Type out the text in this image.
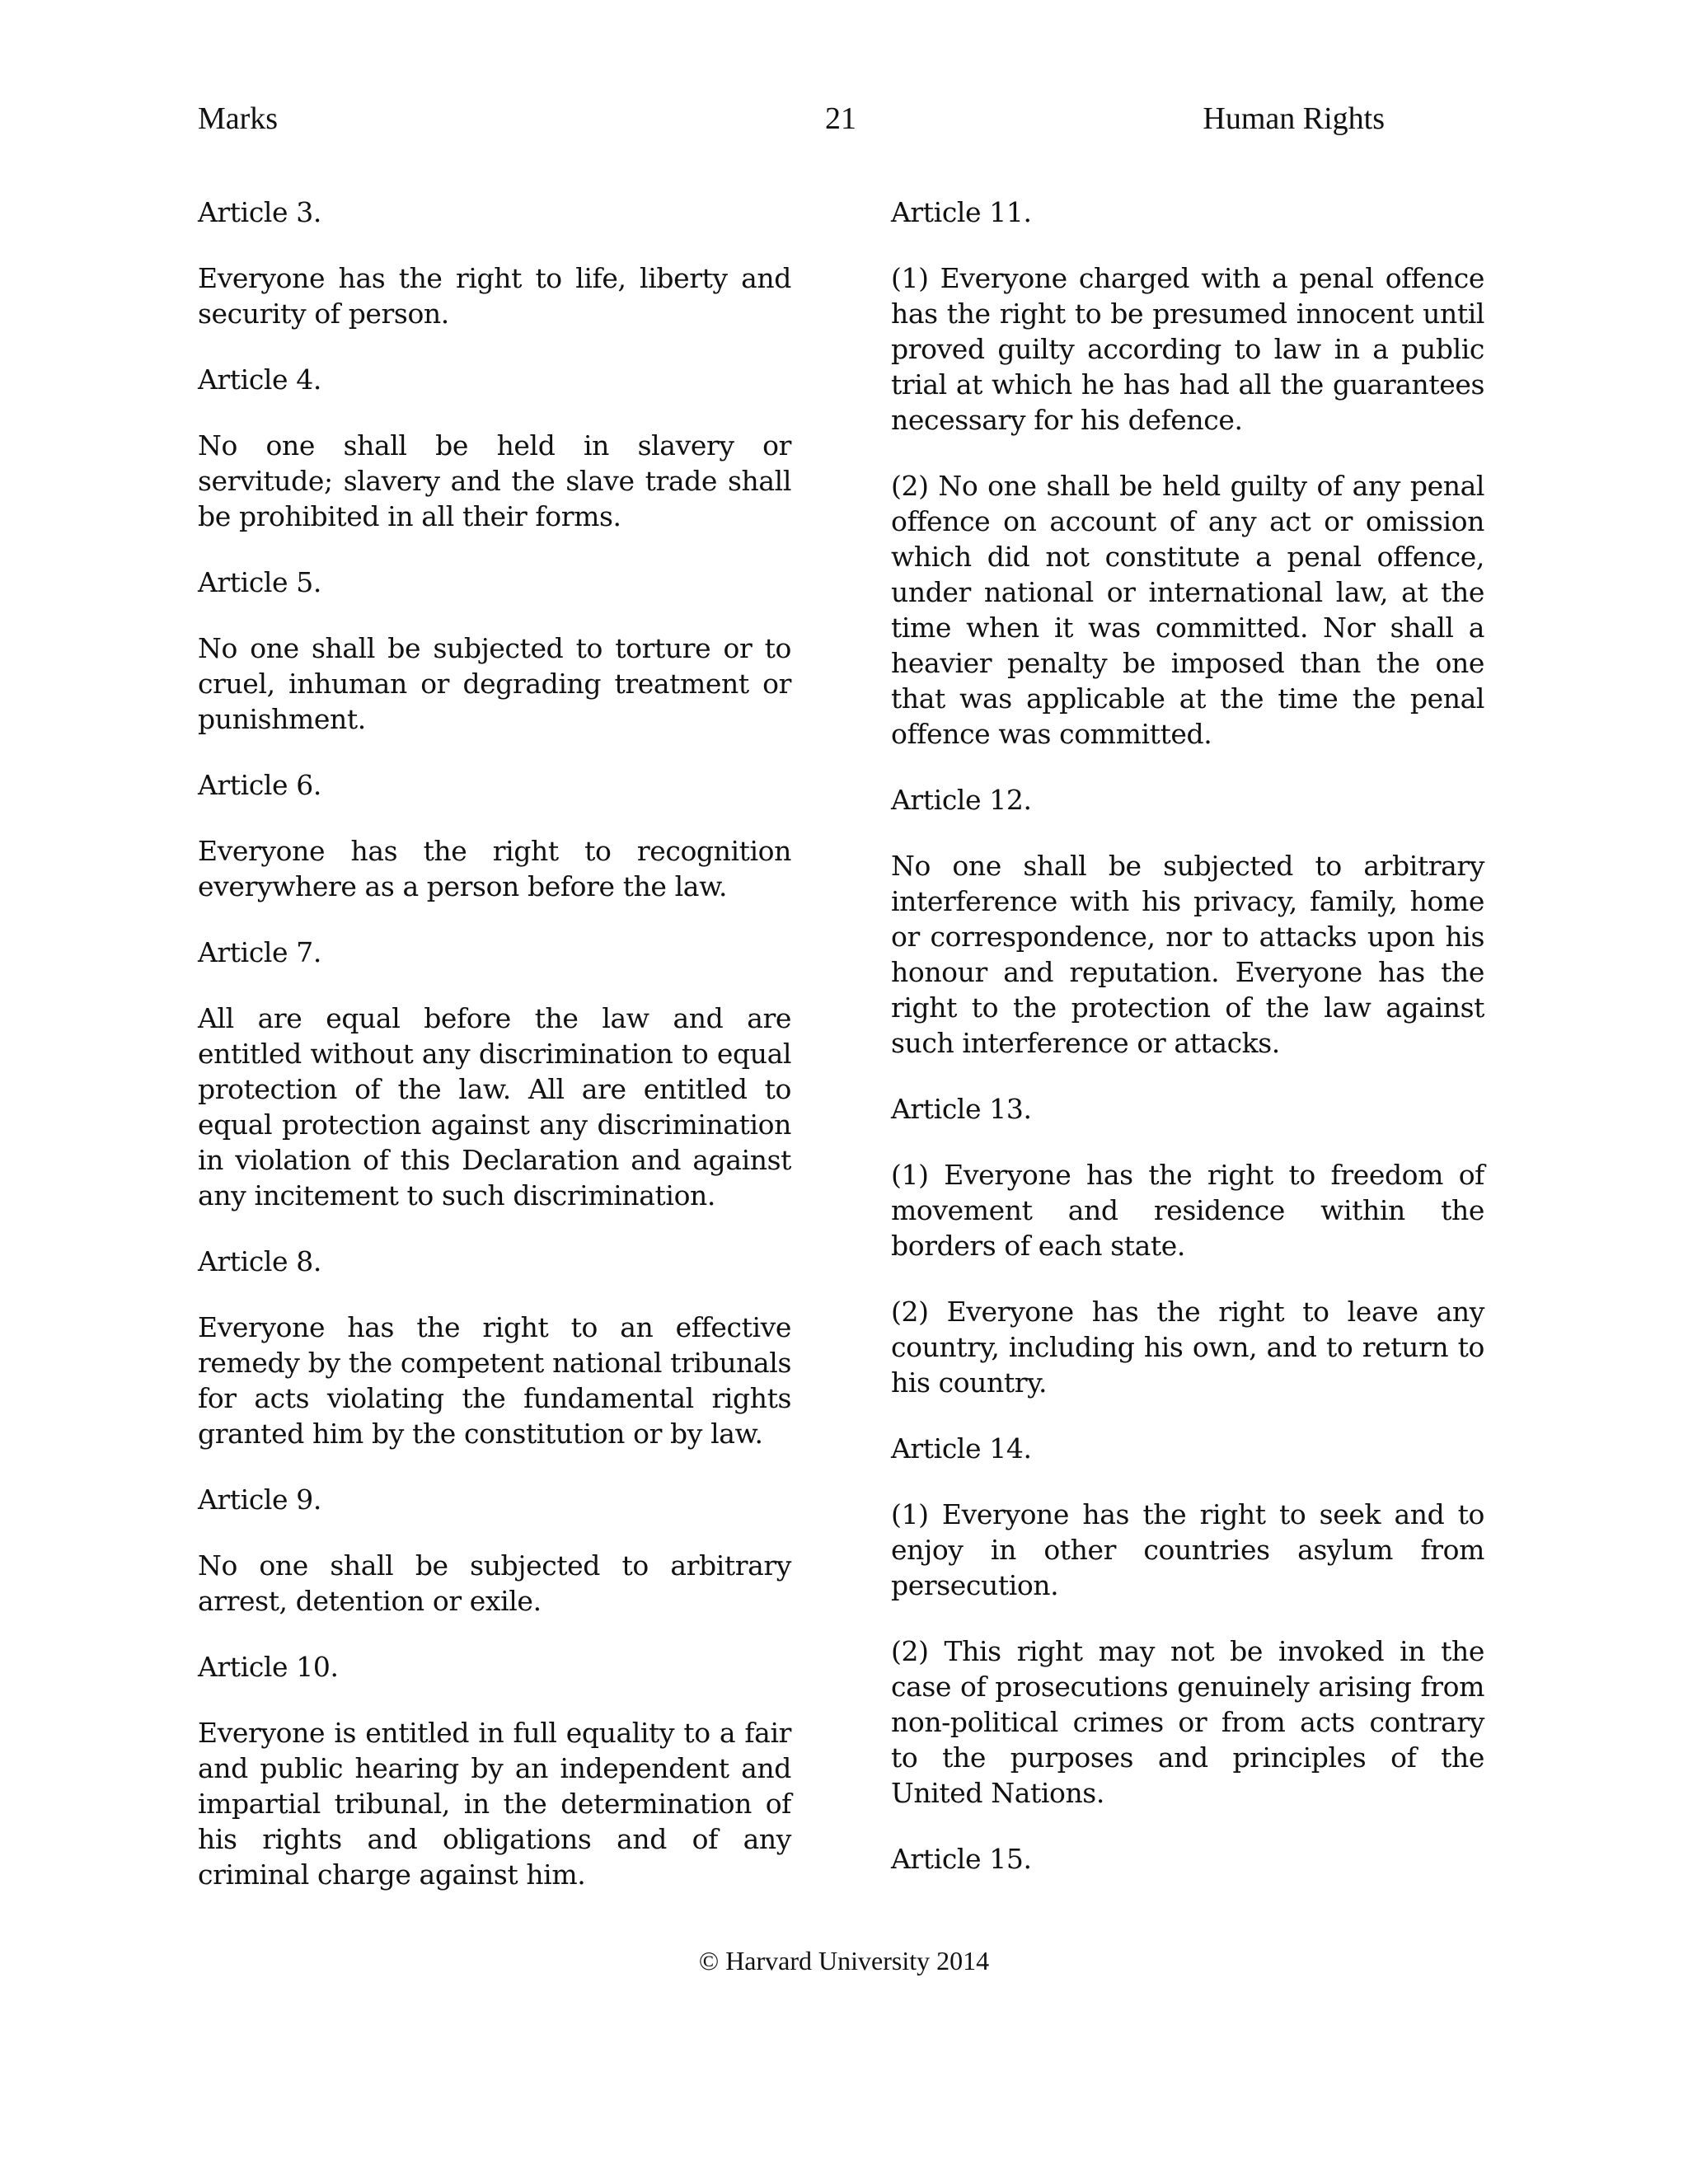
Marks	21	Human Rights

Article 3.

Everyone has the right to life, liberty and security of person.

Article 4.

No one shall be held in slavery or servitude; slavery and the slave trade shall be prohibited in all their forms.

Article 5.

No one shall be subjected to torture or to cruel, inhuman or degrading treatment or punishment.

Article 6.

Everyone has the right to recognition everywhere as a person before the law.

Article 7.

All are equal before the law and are entitled without any discrimination to equal protection of the law. All are entitled to equal protection against any discrimination in violation of this Declaration and against any incitement to such discrimination.

Article 8.

Everyone has the right to an effective remedy by the competent national tribunals for acts violating the fundamental rights granted him by the constitution or by law.

Article 9.

No one shall be subjected to arbitrary arrest, detention or exile.

Article 10.

Everyone is entitled in full equality to a fair and public hearing by an independent and impartial tribunal, in the determination of his rights and obligations and of any criminal charge against him.

Article 11.

(1) Everyone charged with a penal offence has the right to be presumed innocent until proved guilty according to law in a public trial at which he has had all the guarantees necessary for his defence.

(2) No one shall be held guilty of any penal offence on account of any act or omission which did not constitute a penal offence, under national or international law, at the time when it was committed. Nor shall a heavier penalty be imposed than the one that was applicable at the time the penal offence was committed.

Article 12.

No one shall be subjected to arbitrary interference with his privacy, family, home or correspondence, nor to attacks upon his honour and reputation. Everyone has the right to the protection of the law against such interference or attacks.

Article 13.

(1) Everyone has the right to freedom of movement and residence within the borders of each state.

(2) Everyone has the right to leave any country, including his own, and to return to his country.

Article 14.

(1) Everyone has the right to seek and to enjoy in other countries asylum from persecution.

(2) This right may not be invoked in the case of prosecutions genuinely arising from non-political crimes or from acts contrary to the purposes and principles of the United Nations.

Article 15.

© Harvard University 2014
